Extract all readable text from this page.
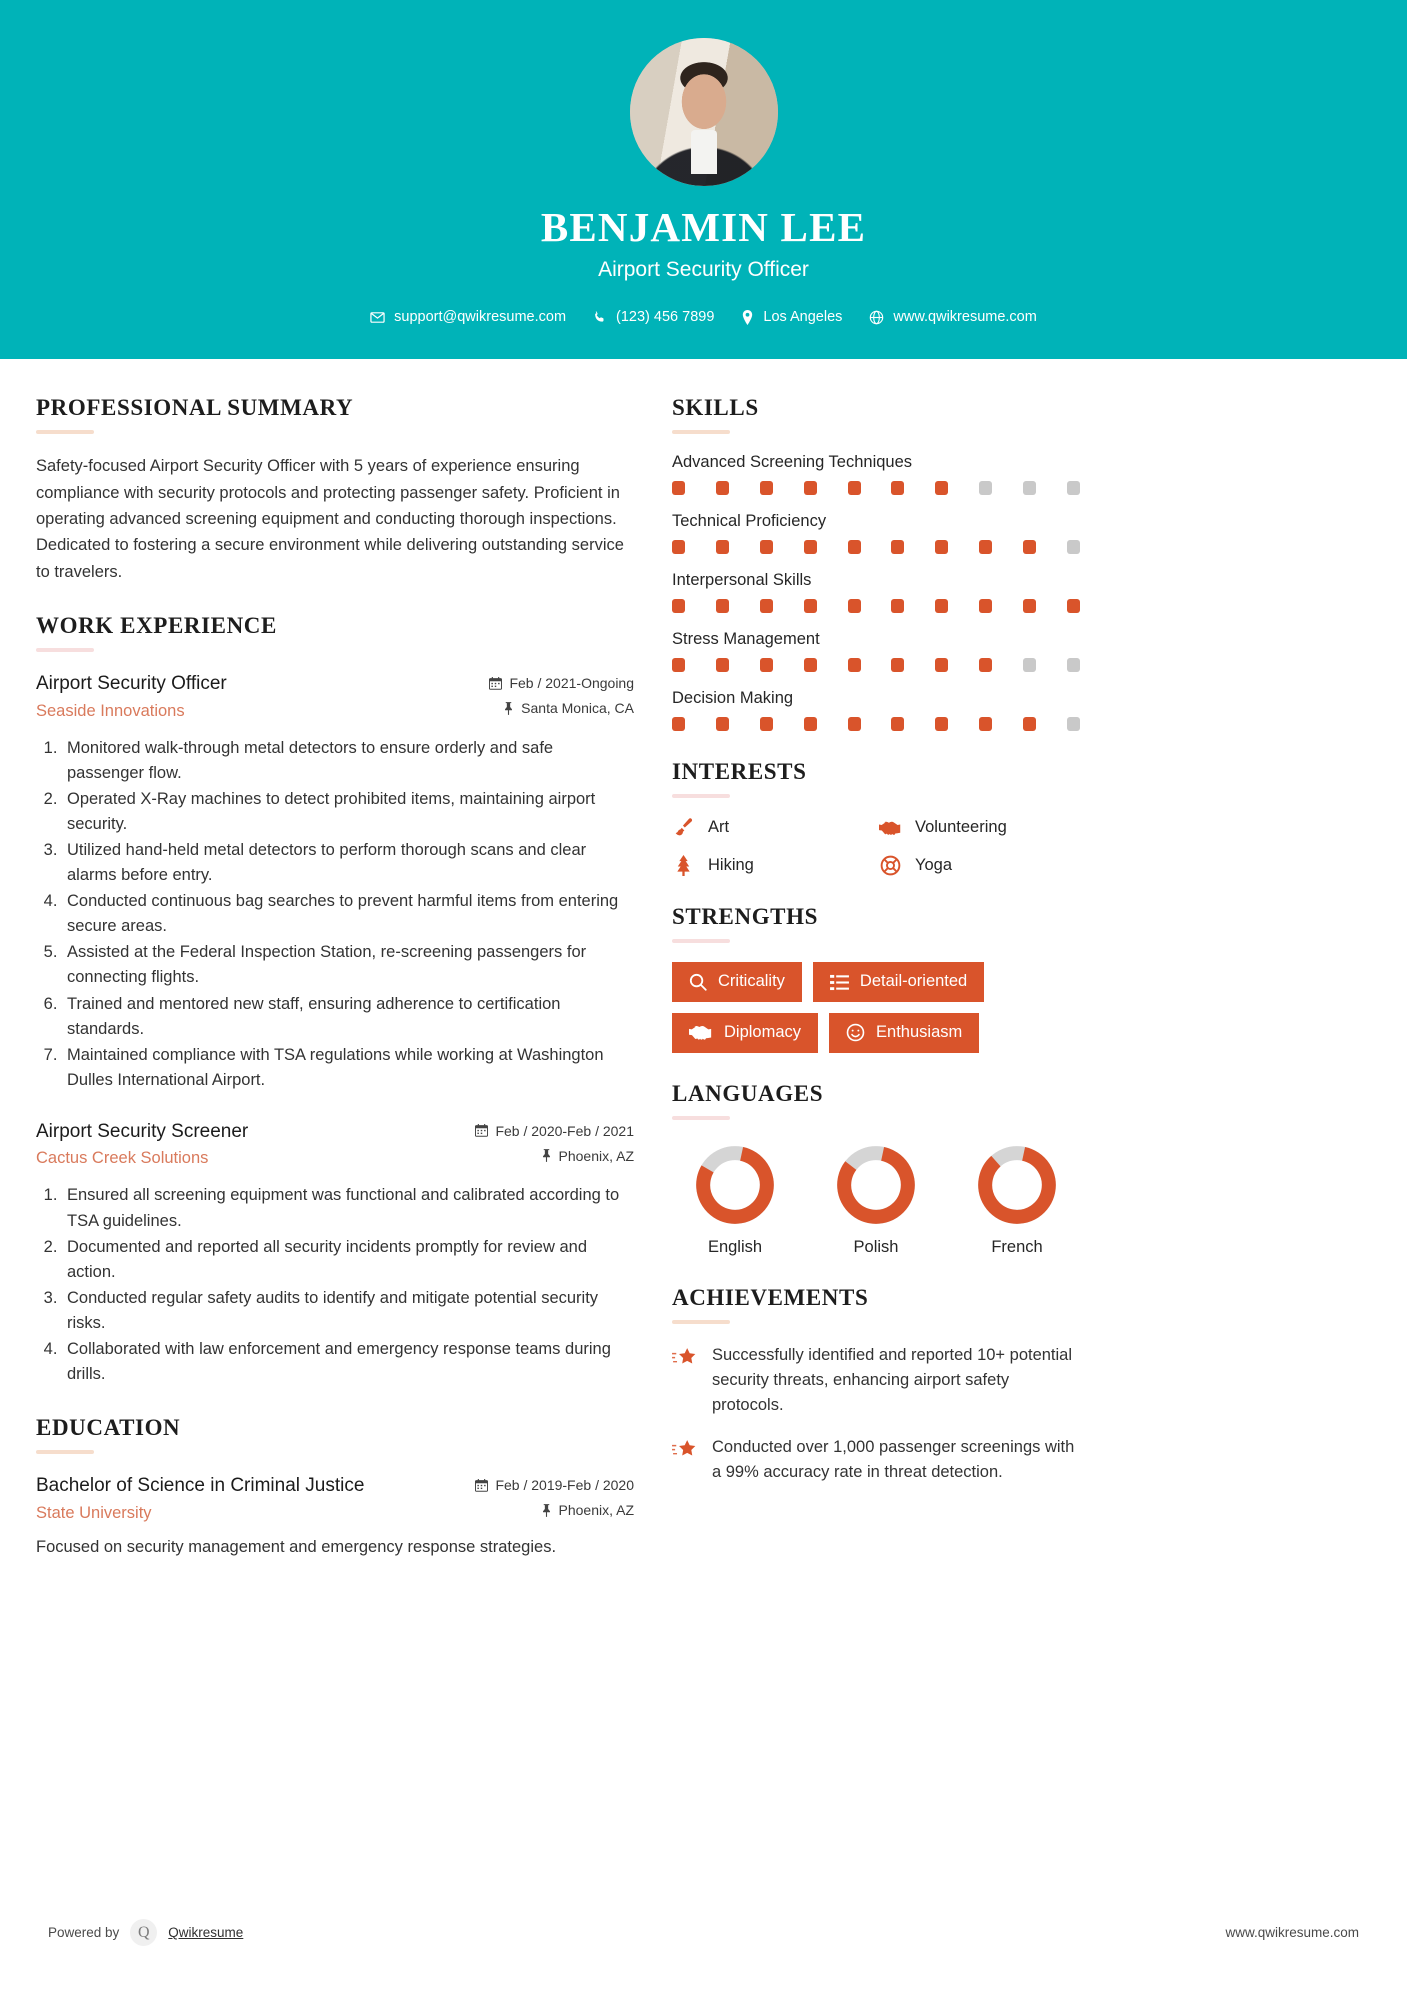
BENJAMIN LEE
Airport Security Officer
support@qwikresume.com	(123) 456 7899	Los Angeles	www.qwikresume.com
PROFESSIONAL SUMMARY
Safety-focused Airport Security Officer with 5 years of experience ensuring compliance with security protocols and protecting passenger safety. Proficient in operating advanced screening equipment and conducting thorough inspections. Dedicated to fostering a secure environment while delivering outstanding service to travelers.
WORK EXPERIENCE
Airport Security Officer
Seaside Innovations
Feb / 2021-Ongoing
Santa Monica, CA
1. Monitored walk-through metal detectors to ensure orderly and safe passenger flow.
2. Operated X-Ray machines to detect prohibited items, maintaining airport security.
3. Utilized hand-held metal detectors to perform thorough scans and clear alarms before entry.
4. Conducted continuous bag searches to prevent harmful items from entering secure areas.
5. Assisted at the Federal Inspection Station, re-screening passengers for connecting flights.
6. Trained and mentored new staff, ensuring adherence to certification standards.
7. Maintained compliance with TSA regulations while working at Washington Dulles International Airport.
Airport Security Screener
Cactus Creek Solutions
Feb / 2020-Feb / 2021
Phoenix, AZ
1. Ensured all screening equipment was functional and calibrated according to TSA guidelines.
2. Documented and reported all security incidents promptly for review and action.
3. Conducted regular safety audits to identify and mitigate potential security risks.
4. Collaborated with law enforcement and emergency response teams during drills.
EDUCATION
Bachelor of Science in Criminal Justice
State University
Feb / 2019-Feb / 2020
Phoenix, AZ
Focused on security management and emergency response strategies.
SKILLS
Advanced Screening Techniques
Technical Proficiency
Interpersonal Skills
Stress Management
Decision Making
INTERESTS
Art	Volunteering
Hiking	Yoga
STRENGTHS
Criticality	Detail-oriented
Diplomacy	Enthusiasm
LANGUAGES
English	Polish	French
ACHIEVEMENTS
Successfully identified and reported 10+ potential security threats, enhancing airport safety protocols.
Conducted over 1,000 passenger screenings with a 99% accuracy rate in threat detection.
Powered by	Q	Qwikresume	www.qwikresume.com
